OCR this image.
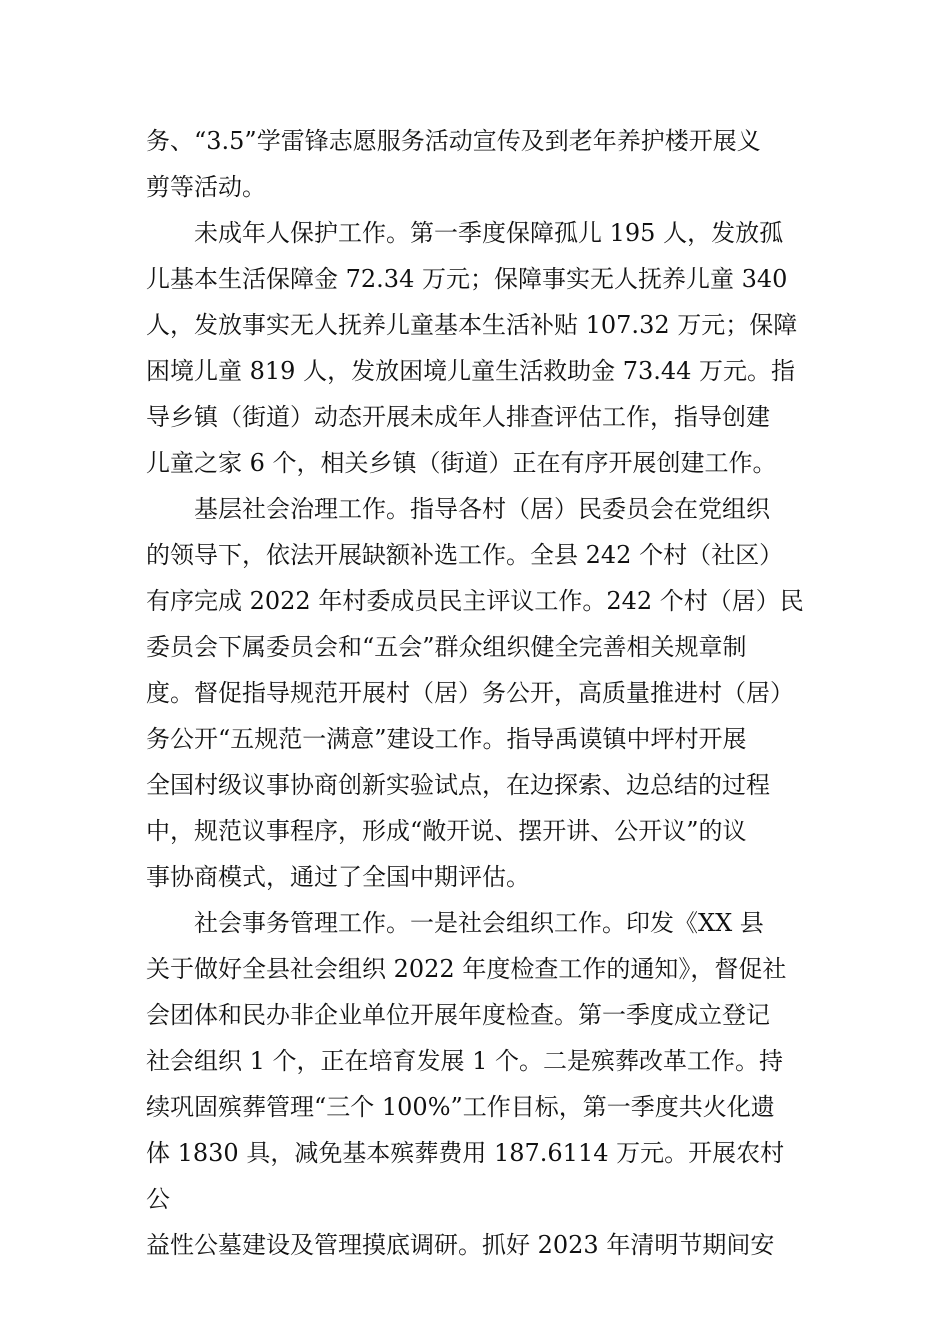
务、“3.5”学雷锋志愿服务活动宣传及到老年养护楼开展义
剪等活动。
未成年人保护工作。第一季度保障孤儿 195 人，发放孤
儿基本生活保障金 72.34 万元；保障事实无人抚养儿童 340
人，发放事实无人抚养儿童基本生活补贴 107.32 万元；保障
困境儿童 819 人，发放困境儿童生活救助金 73.44 万元。指
导乡镇（街道）动态开展未成年人排查评估工作，指导创建
儿童之家 6 个，相关乡镇（街道）正在有序开展创建工作。
基层社会治理工作。指导各村（居）民委员会在党组织
的领导下，依法开展缺额补选工作。全县 242 个村（社区）
有序完成 2022 年村委成员民主评议工作。242 个村（居）民
委员会下属委员会和“五会”群众组织健全完善相关规章制
度。督促指导规范开展村（居）务公开，高质量推进村（居）
务公开“五规范一满意”建设工作。指导禹谟镇中坪村开展
全国村级议事协商创新实验试点，在边探索、边总结的过程
中，规范议事程序，形成“敞开说、摆开讲、公开议”的议
事协商模式，通过了全国中期评估。
社会事务管理工作。一是社会组织工作。印发《XX 县
关于做好全县社会组织 2022 年度检查工作的通知》，督促社
会团体和民办非企业单位开展年度检查。第一季度成立登记
社会组织 1 个，正在培育发展 1 个。二是殡葬改革工作。持
续巩固殡葬管理“三个 100%”工作目标，第一季度共火化遗
体 1830 具，减免基本殡葬费用 187.6114 万元。开展农村
公
益性公墓建设及管理摸底调研。抓好 2023 年清明节期间安
